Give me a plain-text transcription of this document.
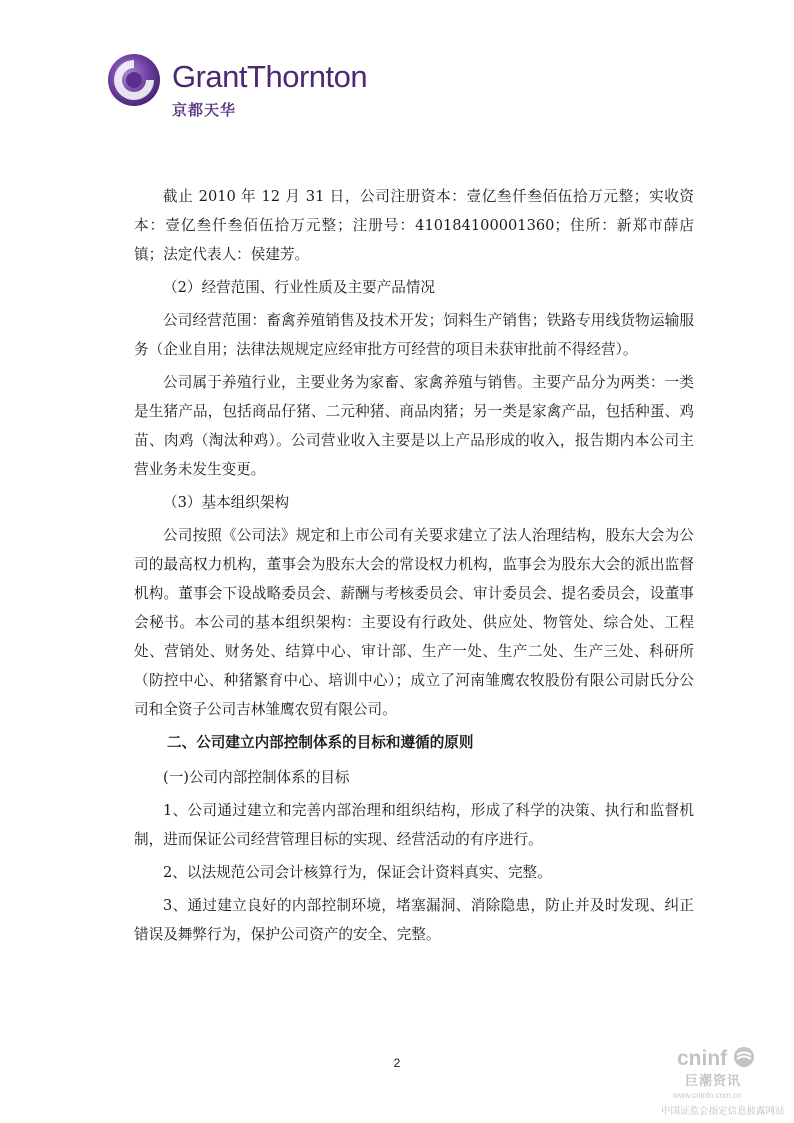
GrantThornton
京都天华

截止 2010 年 12 月 31 日，公司注册资本：壹亿叁仟叁佰伍拾万元整；实收资本：壹亿叁仟叁佰伍拾万元整；注册号：410184100001360；住所：新郑市薛店镇；法定代表人：侯建芳。

（2）经营范围、行业性质及主要产品情况

公司经营范围：畜禽养殖销售及技术开发；饲料生产销售；铁路专用线货物运输服务（企业自用；法律法规规定应经审批方可经营的项目未获审批前不得经营）。

公司属于养殖行业，主要业务为家畜、家禽养殖与销售。主要产品分为两类：一类是生猪产品，包括商品仔猪、二元种猪、商品肉猪；另一类是家禽产品，包括种蛋、鸡苗、肉鸡（淘汰种鸡）。公司营业收入主要是以上产品形成的收入，报告期内本公司主营业务未发生变更。

（3）基本组织架构

公司按照《公司法》规定和上市公司有关要求建立了法人治理结构，股东大会为公司的最高权力机构，董事会为股东大会的常设权力机构，监事会为股东大会的派出监督机构。董事会下设战略委员会、薪酬与考核委员会、审计委员会、提名委员会，设董事会秘书。本公司的基本组织架构：主要设有行政处、供应处、物管处、综合处、工程处、营销处、财务处、结算中心、审计部、生产一处、生产二处、生产三处、科研所（防控中心、种猪繁育中心、培训中心）；成立了河南雏鹰农牧股份有限公司尉氏分公司和全资子公司吉林雏鹰农贸有限公司。

二、公司建立内部控制体系的目标和遵循的原则

(一)公司内部控制体系的目标

1、公司通过建立和完善内部治理和组织结构，形成了科学的决策、执行和监督机制，进而保证公司经营管理目标的实现、经营活动的有序进行。

2、以法规范公司会计核算行为，保证会计资料真实、完整。

3、通过建立良好的内部控制环境，堵塞漏洞、消除隐患，防止并及时发现、纠正错误及舞弊行为，保护公司资产的安全、完整。

2	cninf
巨潮资讯
www.cninfo.com.cn
中国证监会指定信息披露网站
